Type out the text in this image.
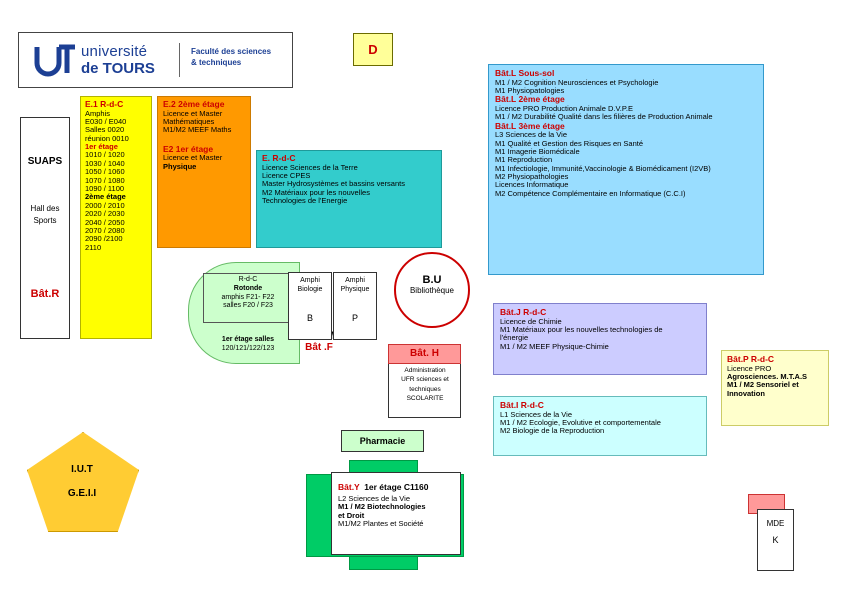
université
de TOURS
Faculté des sciences
& techniques
D
SUAPS
Hall des
Sports
Bât.R
E.1 R-d-C
Amphis
E030 / E040
Salles 0020
réunion 0010
1er étage
1010 / 1020
1030 / 1040
1050 / 1060
1070 / 1080
1090 / 1100
2ème étage
2000 / 2010
2020 / 2030
2040 / 2050
2070 / 2080
2090 /2100
2110
E.2 2ème étage
Licence et Master
Mathématiques
M1/M2 MEEF Maths
E2 1er étage
Licence et Master
Physique
E. R-d-C
Licence Sciences de la Terre
Licence CPES
Master Hydrosystèmes et bassins versants
M2 Matériaux pour les nouvelles
Technologies de l'Energie
Bât.L Sous-sol
M1 / M2 Cognition Neurosciences et Psychologie
M1 Physiopatologies
Bât.L 2ème étage
Licence PRO Production Animale D.V.P.E
M1 / M2 Durabilité Qualité dans les filières de Production Animale
Bât.L 3ème étage
L3 Sciences de la Vie
M1 Qualité et Gestion des Risques en Santé
M1 Imagerie Biomédicale
M1 Reproduction
M1 Infectiologie, Immunité,Vaccinologie & Biomédicament (I2VB)
M2 Physiopathologies
Licences Informatique
M2 Compétence Complémentaire en Informatique (C.C.I)
Bât.J R-d-C
Licence de Chimie
M1 Matériaux pour les nouvelles technologies de
l'énergie
M1 / M2 MEEF Physique-Chimie
Bât.I R-d-C
L1 Sciences de la Vie
M1 / M2 Ecologie, Evolutive et comportementale
M2 Biologie de la Reproduction
Bât.P R-d-C
Licence PRO
Agrosciences. M.T.A.S
M1 / M2 Sensoriel et
Innovation
R-d-C
Rotonde
amphis F21- F22
salles F20 / F23
1er étage salles
120/121/122/123	Bât .F
Amphi
Biologie
B
Amphi
Physique
P
B.U
Bibliothèque
Bât. H
Administration
UFR sciences et
techniques
SCOLARITE
Pharmacie
Bât.Y 1er étage C1160
L2 Sciences de la Vie
M1 / M2 Biotechnologies
et Droit
M1/M2 Plantes et Société
I.U.T
G.E.I.I
MDE
K
